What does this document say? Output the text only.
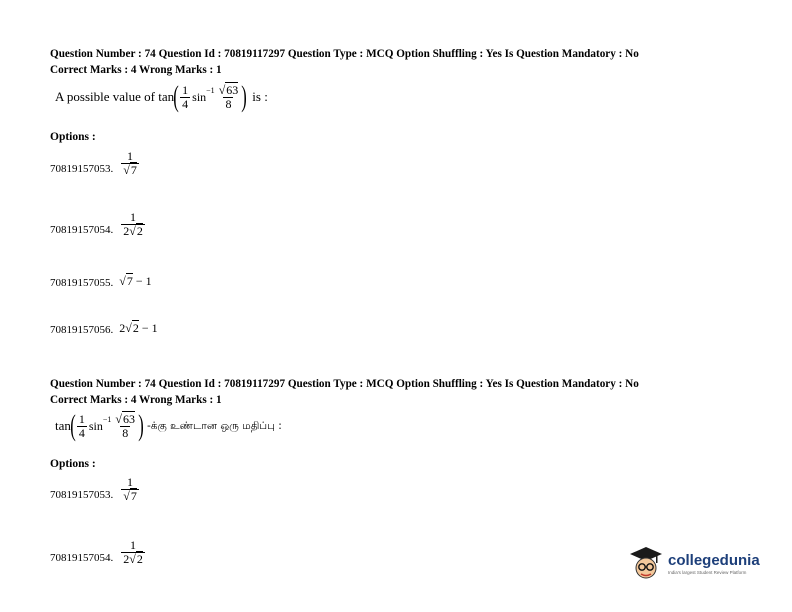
Question Number : 74 Question Id : 70819117297 Question Type : MCQ Option Shuffling : Yes Is Question Mandatory : No
Correct Marks : 4 Wrong Marks : 1
A possible value of tan ( $\frac{1}{4}$ $\sin -1 \frac{√63}{8}$ ) is :
Options :
70819157053. $\frac{1}{√7}$
70819157054. $\frac{1}{2√2}$
70819157055. √7 − 1
70819157056. 2√2 − 1
Question Number : 74 Question Id : 70819117297 Question Type : MCQ Option Shuffling : Yes Is Question Mandatory : No
Correct Marks : 4 Wrong Marks : 1
tan ( $\frac{1}{4}$ $\sin -1 \frac{√63}{8}$ ) -க்கு உண்டான ஒரு மதிப்பு :
Options :
70819157053. $\frac{1}{√7}$
70819157054. $\frac{1}{2√2}$	collegedunia
India's largest Student Review Platform
